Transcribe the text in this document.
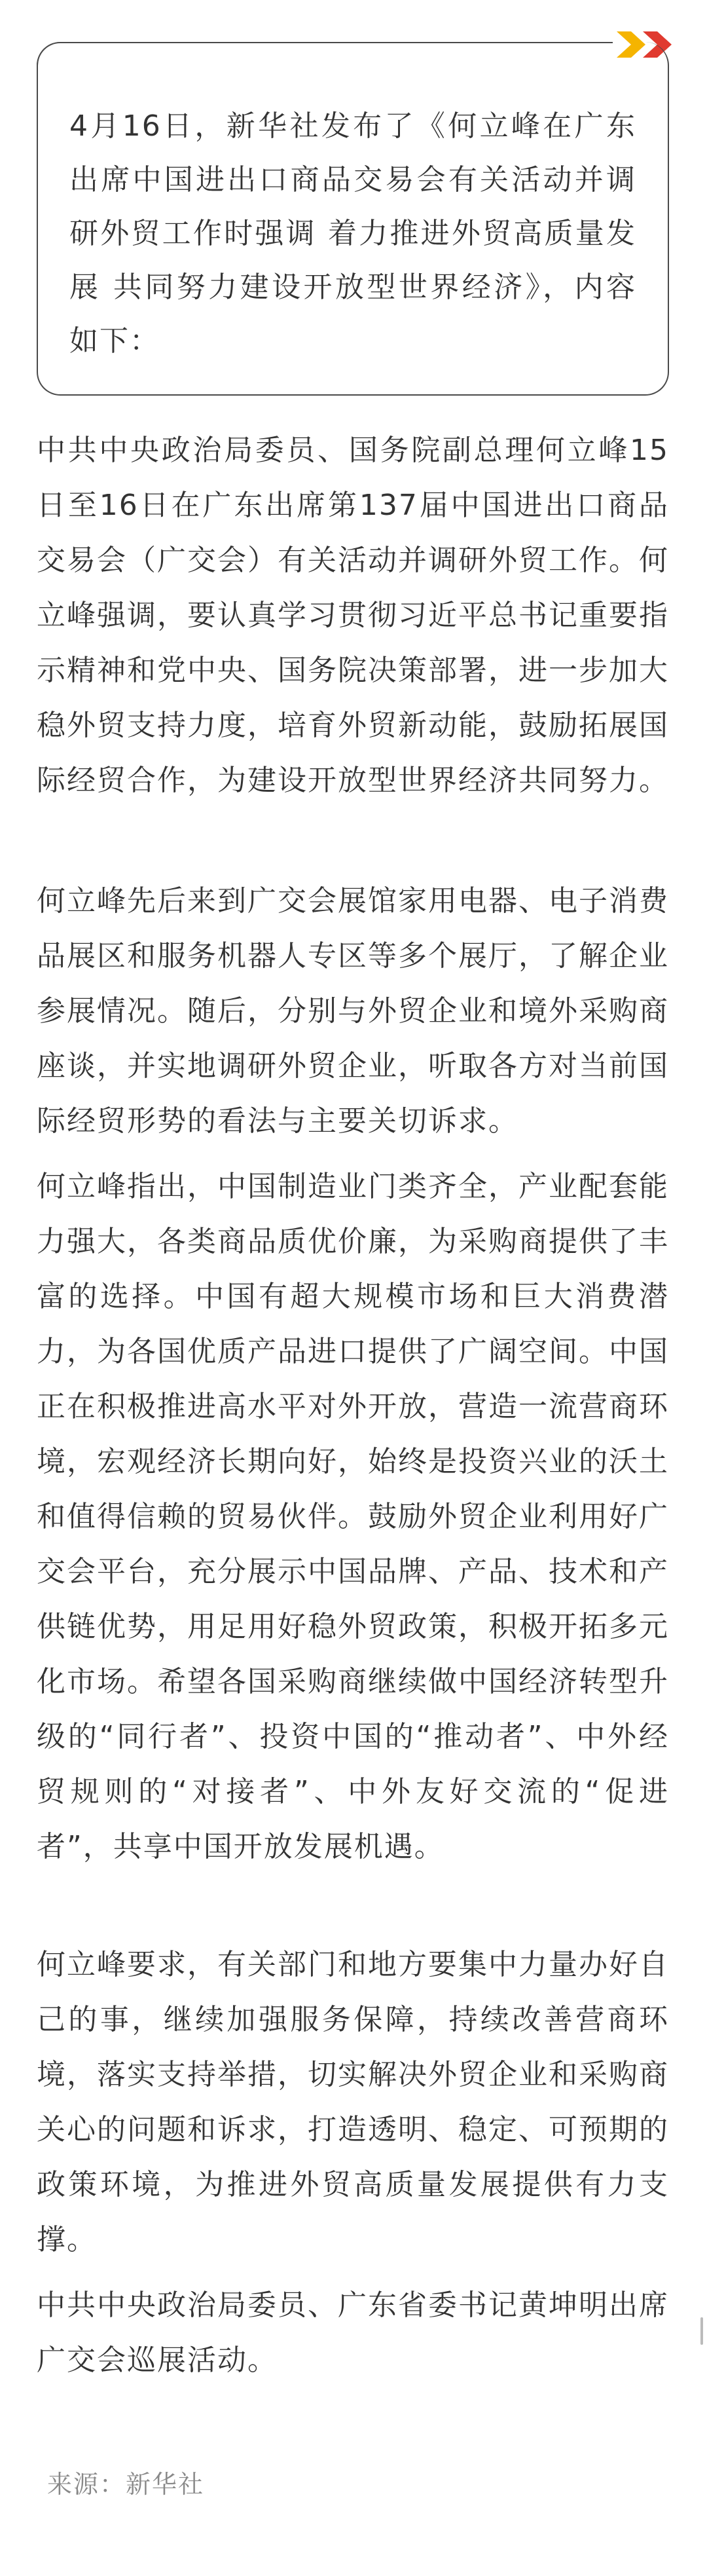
4月16日，新华社发布了《何立峰在广东出席中国进出口商品交易会有关活动并调研外贸工作时强调 着力推进外贸高质量发展 共同努力建设开放型世界经济》，内容如下：
中共中央政治局委员、国务院副总理何立峰15日至16日在广东出席第137届中国进出口商品交易会（广交会）有关活动并调研外贸工作。何立峰强调，要认真学习贯彻习近平总书记重要指示精神和党中央、国务院决策部署，进一步加大稳外贸支持力度，培育外贸新动能，鼓励拓展国际经贸合作，为建设开放型世界经济共同努力。
何立峰先后来到广交会展馆家用电器、电子消费品展区和服务机器人专区等多个展厅，了解企业参展情况。随后，分别与外贸企业和境外采购商座谈，并实地调研外贸企业，听取各方对当前国际经贸形势的看法与主要关切诉求。
何立峰指出，中国制造业门类齐全，产业配套能力强大，各类商品质优价廉，为采购商提供了丰富的选择。中国有超大规模市场和巨大消费潜力，为各国优质产品进口提供了广阔空间。中国正在积极推进高水平对外开放，营造一流营商环境，宏观经济长期向好，始终是投资兴业的沃土和值得信赖的贸易伙伴。鼓励外贸企业利用好广交会平台，充分展示中国品牌、产品、技术和产供链优势，用足用好稳外贸政策，积极开拓多元化市场。希望各国采购商继续做中国经济转型升级的“同行者”、投资中国的“推动者”、中外经贸规则的“对接者”、中外友好交流的“促进者”，共享中国开放发展机遇。
何立峰要求，有关部门和地方要集中力量办好自己的事，继续加强服务保障，持续改善营商环境，落实支持举措，切实解决外贸企业和采购商关心的问题和诉求，打造透明、稳定、可预期的政策环境，为推进外贸高质量发展提供有力支撑。
中共中央政治局委员、广东省委书记黄坤明出席广交会巡展活动。
来源：新华社
